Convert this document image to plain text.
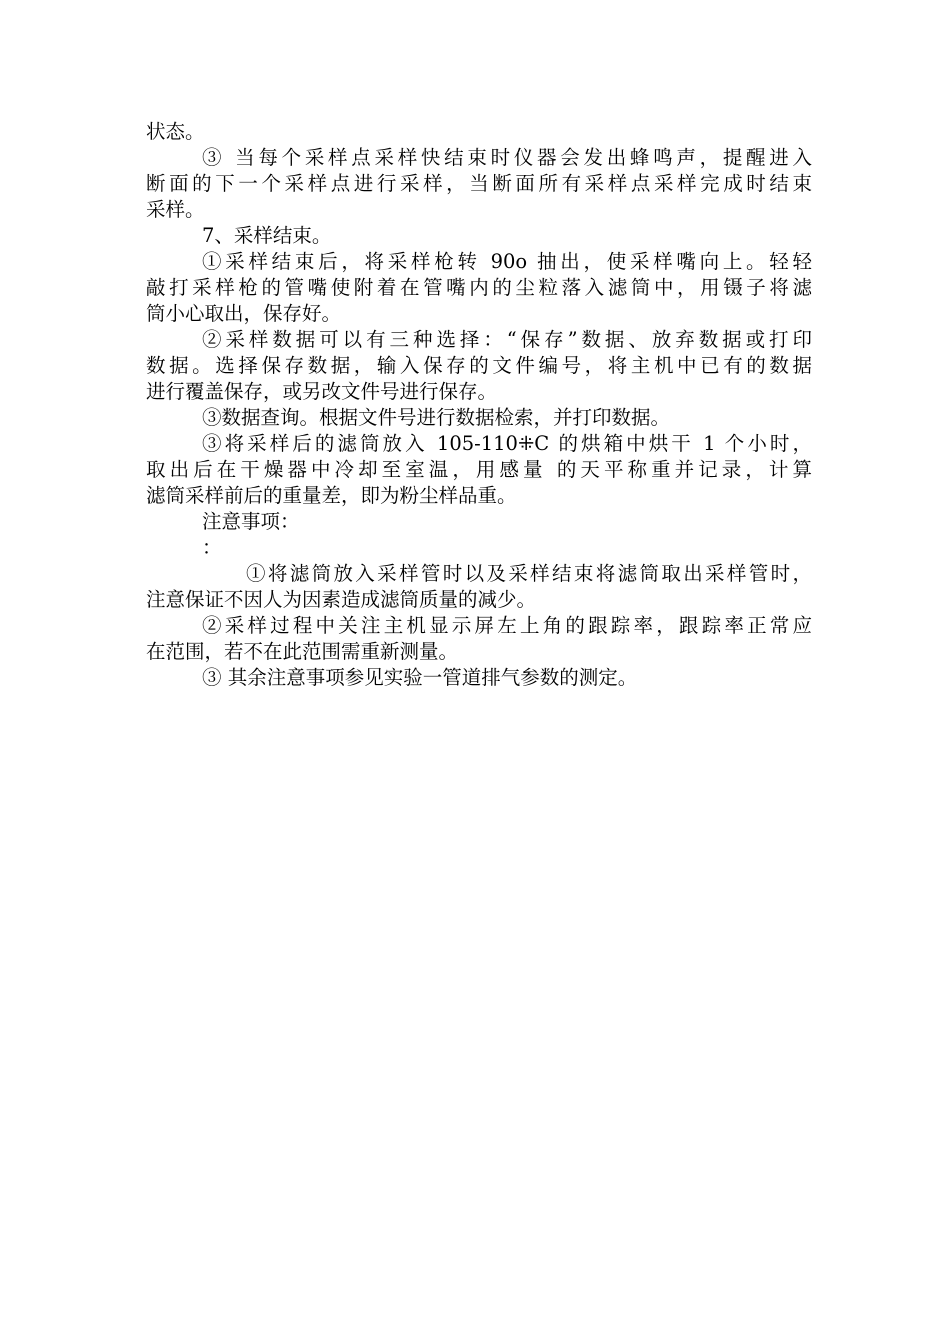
状态。
③ 当每个采样点采样快结束时仪器会发出蜂鸣声，提醒进入
断面的下一个采样点进行采样，当断面所有采样点采样完成时结束
采样。
7、采样结束。
①采样结束后，将采样枪转 90o 抽出，使采样嘴向上。轻轻
敲打采样枪的管嘴使附着在管嘴内的尘粒落入滤筒中，用镊子将滤
筒小心取出，保存好。
②采样数据可以有三种选择：“保存”数据、放弃数据或打印
数据。选择保存数据，输入保存的文件编号，将主机中已有的数据
进行覆盖保存，或另改文件号进行保存。
③数据查询。根据文件号进行数据检索，并打印数据。
③将采样后的滤筒放入 105-110⁜C 的烘箱中烘干 1 个小时，
取出后在干燥器中冷却至室温，用感量 的天平称重并记录，计算
滤筒采样前后的重量差，即为粉尘样品重。
注意事项：
：
①将滤筒放入采样管时以及采样结束将滤筒取出采样管时，
注意保证不因人为因素造成滤筒质量的减少。
②采样过程中关注主机显示屏左上角的跟踪率，跟踪率正常应
在范围，若不在此范围需重新测量。
③ 其余注意事项参见实验一管道排气参数的测定。
